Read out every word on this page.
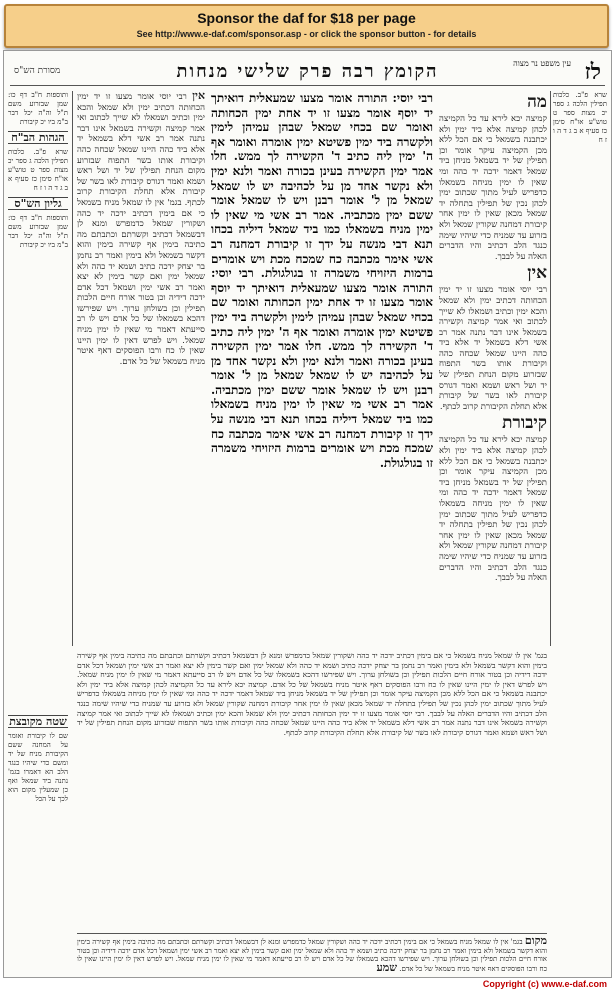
Sponsor the daf for $18 per page
See http://www.e-daf.com/sponsor.asp - or click the sponsor button - for details
לז
עין משפט נר מצוה
הקומץ רבה פרק שלישי מנחות
מסורת הש"ס
שרא פ"ב. כלכות תפילין הלכה ג ספר יכ מצות ספר ט טוש"ע או"ח סימן כז סעיף א ב ג ד ה ו ז ח
מה
קמיצה יכא לירא עד כל הקמיצה לכהן קמיצה אלא ביד ימין ולא יכתבנה בשמאל כי אם הכל ללא מכן הקמיצה עיקר אומר וכן תפילין של יד בשמאל מניחן ביד שמאל דאמר ידכה יד כהה ומי שאין לו ימין מניחה בשמאלו כדפריש לעיל מתוך שכתוב ימין לכהן נכין של תפילין בתחלה יד שמאל מכאן שאין לו ימין אחר קיבורת דמחנה שקורין שמאל ולא בזרוע עד שמניח כדי שיהיו שימה כנגד הלב דכתיב והיו הדברים האלה על לבבך.
אין
רבי יוסי אומר מצעו זו יד ימין הכחותה דכתיב ימין ולא שמאל והכא ימין וכתיב ושמאלו לא שייך לכתוב ואי אמר קמיצה וקשירה בשמאל אינו דבר נתנה אמר רב אשי דלא בשמאל יד אלא ביד כהה היינו שמאל שכחה כהה וקיבורת אותו בשר התפוח שבזרוע מקום הנחת תפילין של יד ושל ראש ושמא ואמר דגורס קיבורת לאו בשר של קיבורת אלא תחלת הקיבורת קרוב לכתף.
קיבורת
קמיצה יכא לירא עד כל הקמיצה לכהן קמיצה אלא ביד ימין ולא יכתבנה בשמאל כי אם הכל ללא מכן הקמיצה עיקר אומר וכן תפילין של יד בשמאל מניחן ביד שמאל דאמר ידכה יד כהה ומי שאין לו ימין מניחה בשמאלו כדפריש לעיל מתוך שכתוב ימין לכהן נכין של תפילין בתחלה יד שמאל מכאן שאין לו ימין אחר קיבורת דמחנה שקורין שמאל ולא בזרוע עד שמניח כדי שיהיו שימה כנגד הלב דכתיב והיו הדברים האלה על לבבך.
רבי יוסי: התורה אומר מצעו שמעאלית דואיתך יד יוסף אומר מצעו זו יד אחת ימין הכחותה ואומר שם בכחי שמאל שבהן עמיהן לימין ולקשרה ביד ימין פשיטא ימין אומרה ואומר אף ה' ימין ליה כתיב ד' הקשירה לך ממש. חלו אמר ימין הקשירה בעינן בכורה ואמר ולנא ימין ולא נקשר אחד מן על לכהיבה יש לו שמאל שמאל מן ל' אומר רבנן ויש לו שמאל אומר ששם ימין מכתביה. אמר רב אשי מי שאין לו ימין מניח בשמאלו כמו ביד שמאל דיליה בכחו תנא דבי מנשה על ידך זו קיבורת דמחנה רב אשי אימר מכתבה כח שמכח מכת ויש אומרים ברמות היזויחי משמרה זו בגולגולת. רבי יוסי: התורה אומר מצעו שמעאלית דואיתך יד יוסף אומר מצעו זו יד אחת ימין הכחותה ואומר שם בכחי שמאל שבהן עמיהן לימין ולקשרה ביד ימין פשיטא ימין אומרה ואומר אף ה' ימין ליה כתיב ד' הקשירה לך ממש. חלו אמר ימין הקשירה בעינן בכורה ואמר ולנא ימין ולא נקשר אחד מן על לכהיבה יש לו שמאל שמאל מן ל' אומר רבנן ויש לו שמאל אומר ששם ימין מכתביה. אמר רב אשי מי שאין לו ימין מניח בשמאלו כמו ביד שמאל דיליה בכחו תנא דבי מנשה על ידך זו קיבורת דמחנה רב אשי אימר מכתבה כח שמכח מכת ויש אומרים ברמות היזויחי משמרה זו בגולגולת.
אין רבי יוסי אומר מצעו זו יד ימין הכחותה דכתיב ימין ולא שמאל והכא ימין וכתיב ושמאלו לא שייך לכתוב ואי אמר קמיצה וקשירה בשמאל אינו דבר נתנה אמר רב אשי דלא בשמאל יד אלא ביד כהה היינו שמאל שכחה כהה וקיבורת אותו בשר התפוח שבזרוע מקום הנחת תפילין של יד ושל ראש ושמא ואמר דגורס קיבורת לאו בשר של קיבורת אלא תחלת הקיבורת קרוב לכתף. בגמ' אין לו שמאל מניח בשמאל כי אם בימין דכתיב ידכה יד כהה ושקורין שמאל כדמפרש ומנא לן דבשמאל דכתיב וקשרתם וכתבתם מה כתיבה בימין אף קשירה בימין והוא דקשר בשמאל ולא בימין ואמר רב נחמן בר יצחק ידכה כתיב ושמא יד כהה ולא שמאל ימין ואם קשר בימין לא יצא ואמר רב אשי ימין ושמאל דכל אדם ידכה דידיה וכן בטור אורח חיים הלכות תפילין וכן בשולחן ערוך. ויש שפירשו דהכא בשמאלו של כל אדם ויש לו רב סייעתא דאמר מי שאין לו ימין מניח שמאל. ויש לפרש דאין לו ימין היינו שאין לו כח ורבו הפוסקים דאף איטר מניח בשמאל של כל אדם.
ותוספות ח"ב דף כו: שמן שבזרוע משם ת"ל וה"ה יכל דבר ב"מ ביו יכ קיבורת
הגהות הב"ח
שרא פ"ב. כלכות תפילין הלכה ג ספר יכ מצות ספר ט טוש"ע או"ח סימן כז סעיף א ב ג ד ה ו ז ח
גליון הש"ס
ותוספות ח"ב דף כו: שמן שבזרוע משם ת"ל וה"ה יכל דבר ב"מ ביו יכ קיבורת
בגמ' אין לו שמאל מניח בשמאל כי אם בימין דכתיב ידכה יד כהה ושקורין שמאל כדמפרש ומנא לן דבשמאל דכתיב וקשרתם וכתבתם מה כתיבה בימין אף קשירה בימין והוא דקשר בשמאל ולא בימין ואמר רב נחמן בר יצחק ידכה כתיב ושמא יד כהה ולא שמאל ימין ואם קשר בימין לא יצא ואמר רב אשי ימין ושמאל דכל אדם ידכה דידיה וכן בטור אורח חיים הלכות תפילין וכן בשולחן ערוך. ויש שפירשו דהכא בשמאלו של כל אדם ויש לו רב סייעתא דאמר מי שאין לו ימין מניח שמאל. ויש לפרש דאין לו ימין היינו שאין לו כח ורבו הפוסקים דאף איטר מניח בשמאל של כל אדם. קמיצה יכא לירא עד כל הקמיצה לכהן קמיצה אלא ביד ימין ולא יכתבנה בשמאל כי אם הכל ללא מכן הקמיצה עיקר אומר וכן תפילין של יד בשמאל מניחן ביד שמאל דאמר ידכה יד כהה ומי שאין לו ימין מניחה בשמאלו כדפריש לעיל מתוך שכתוב ימין לכהן נכין של תפילין בתחלה יד שמאל מכאן שאין לו ימין אחר קיבורת דמחנה שקורין שמאל ולא בזרוע עד שמניח כדי שיהיו שימה כנגד הלב דכתיב והיו הדברים האלה על לבבך. רבי יוסי אומר מצעו זו יד ימין הכחותה דכתיב ימין ולא שמאל והכא ימין וכתיב ושמאלו לא שייך לכתוב ואי אמר קמיצה וקשירה בשמאל אינו דבר נתנה אמר רב אשי דלא בשמאל יד אלא ביד כהה היינו שמאל שכחה כהה וקיבורת אותו בשר התפוח שבזרוע מקום הנחת תפילין של יד ושל ראש ושמא ואמר דגורס קיבורת לאו בשר של קיבורת אלא תחלת הקיבורת קרוב לכתף.
שטה מקובצת
שם לו קיבורת ואומר על המחנה ששם הקיבורת מניח של יד ומשם כדי שיהיו כנגד הלב הא דאמרו בגמ' נתנה ביד שמאל ואף כן שמעלין מקום הוא לכך על הכל
מקום בגמ' אין לו שמאל מניח בשמאל כי אם בימין דכתיב ידכה יד כהה ושקורין שמאל כדמפרש ומנא לן דבשמאל דכתיב וקשרתם וכתבתם מה כתיבה בימין אף קשירה בימין והוא דקשר בשמאל ולא בימין ואמר רב נחמן בר יצחק ידכה כתיב ושמא יד כהה ולא שמאל ימין ואם קשר בימין לא יצא ואמר רב אשי ימין ושמאל דכל אדם ידכה דידיה וכן בטור אורח חיים הלכות תפילין וכן בשולחן ערוך. ויש שפירשו דהכא בשמאלו של כל אדם ויש לו רב סייעתא דאמר מי שאין לו ימין מניח שמאל. ויש לפרש דאין לו ימין היינו שאין לו כח ורבו הפוסקים דאף איטר מניח בשמאל של כל אדם. שמע
Copyright (c) www.e-daf.com
